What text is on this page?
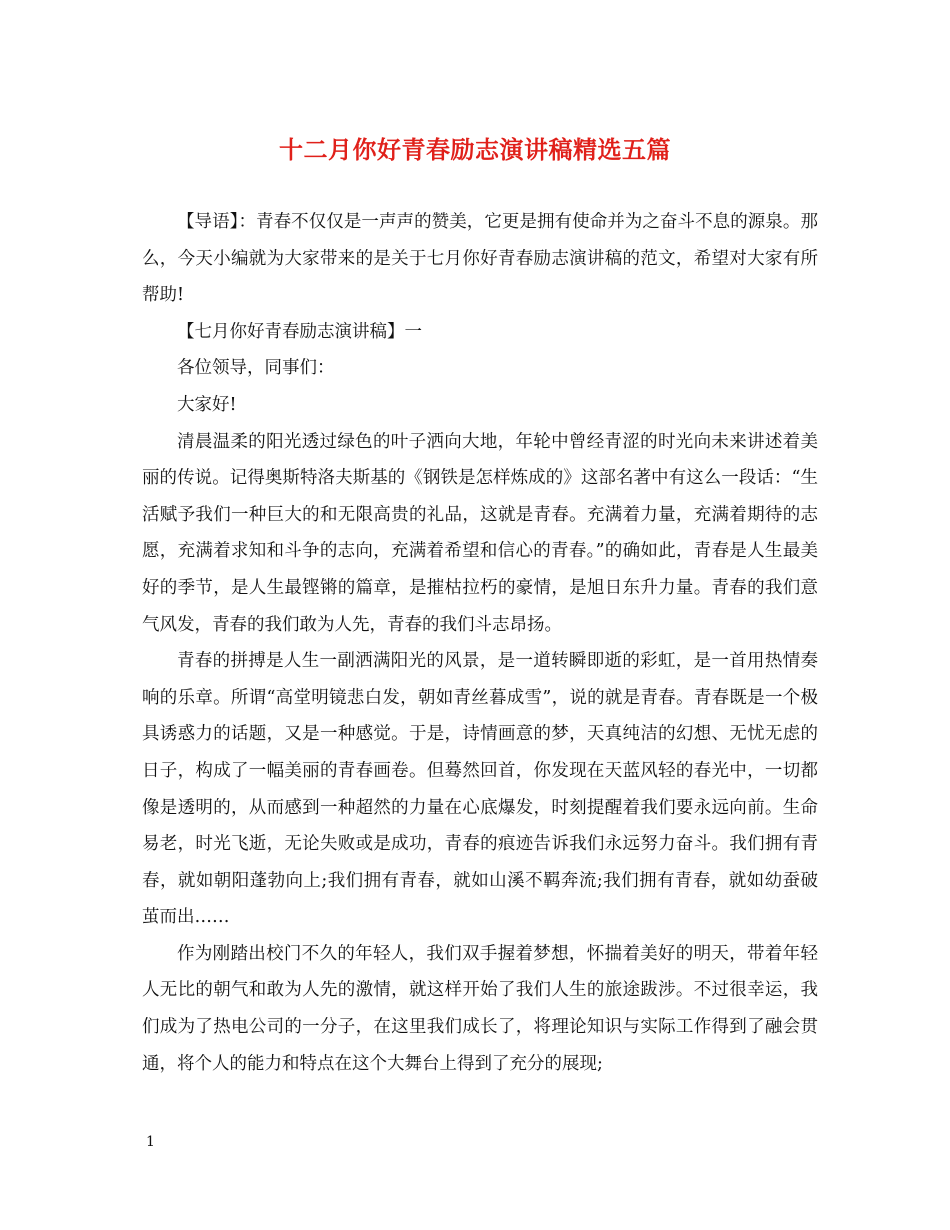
十二月你好青春励志演讲稿精选五篇

【导语】：青春不仅仅是一声声的赞美，它更是拥有使命并为之奋斗不息的源泉。那么，今天小编就为大家带来的是关于七月你好青春励志演讲稿的范文，希望对大家有所帮助!

【七月你好青春励志演讲稿】一

各位领导，同事们：

大家好!

清晨温柔的阳光透过绿色的叶子洒向大地，年轮中曾经青涩的时光向未来讲述着美丽的传说。记得奥斯特洛夫斯基的《钢铁是怎样炼成的》这部名著中有这么一段话：“生活赋予我们一种巨大的和无限高贵的礼品，这就是青春。充满着力量，充满着期待的志愿，充满着求知和斗争的志向，充满着希望和信心的青春。”的确如此，青春是人生最美好的季节，是人生最铿锵的篇章，是摧枯拉朽的豪情，是旭日东升力量。青春的我们意气风发，青春的我们敢为人先，青春的我们斗志昂扬。

青春的拼搏是人生一副洒满阳光的风景，是一道转瞬即逝的彩虹，是一首用热情奏响的乐章。所谓“高堂明镜悲白发，朝如青丝暮成雪”，说的就是青春。青春既是一个极具诱惑力的话题，又是一种感觉。于是，诗情画意的梦，天真纯洁的幻想、无忧无虑的日子，构成了一幅美丽的青春画卷。但蓦然回首，你发现在天蓝风轻的春光中，一切都像是透明的，从而感到一种超然的力量在心底爆发，时刻提醒着我们要永远向前。生命易老，时光飞逝，无论失败或是成功，青春的痕迹告诉我们永远努力奋斗。我们拥有青春，就如朝阳蓬勃向上;我们拥有青春，就如山溪不羁奔流;我们拥有青春，就如幼蚕破茧而出……

作为刚踏出校门不久的年轻人，我们双手握着梦想，怀揣着美好的明天，带着年轻人无比的朝气和敢为人先的激情，就这样开始了我们人生的旅途跋涉。不过很幸运，我们成为了热电公司的一分子，在这里我们成长了，将理论知识与实际工作得到了融会贯通，将个人的能力和特点在这个大舞台上得到了充分的展现;

1
